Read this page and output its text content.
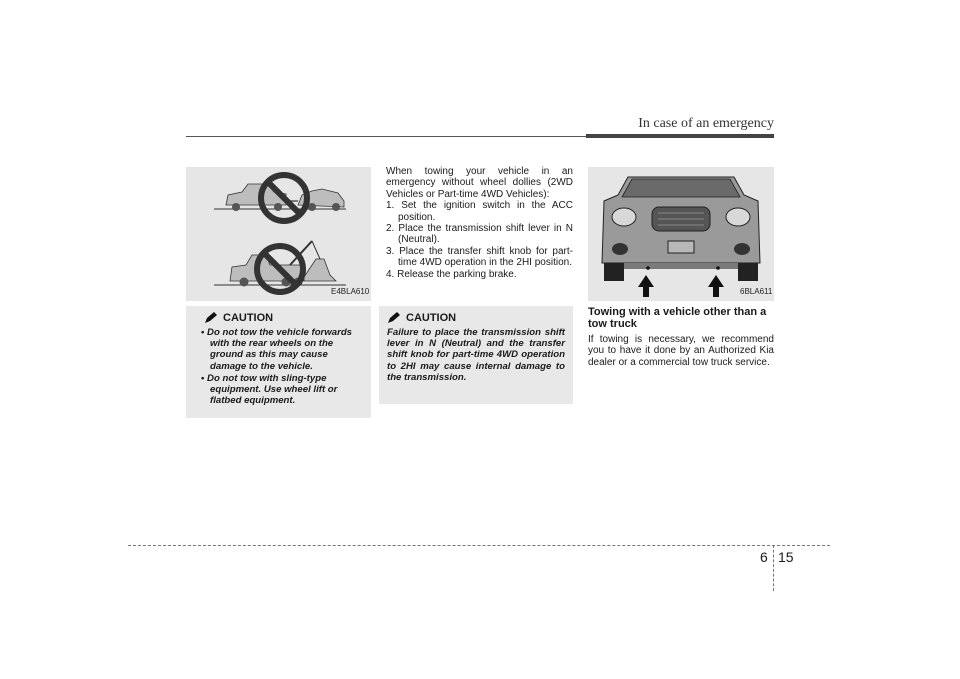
In case of an emergency
E4BLA610
CAUTION
• Do not tow the vehicle forwards with the rear wheels on the ground as this may cause damage to the vehicle.
• Do not tow with sling-type equipment. Use wheel lift or flatbed equipment.
When towing your vehicle in an emergency without wheel dollies (2WD Vehicles or Part-time 4WD Vehicles):
1. Set the ignition switch in the ACC position.
2. Place the transmission shift lever in N (Neutral).
3. Place the transfer shift knob for part-time 4WD operation in the 2HI position.
4. Release the parking brake.
CAUTION
Failure to place the transmission shift lever in N (Neutral) and the transfer shift knob for part-time 4WD operation to 2HI may cause internal damage to the transmission.
6BLA611
Towing with a vehicle other than a tow truck
If towing is necessary, we recommend you to have it done by an Authorized Kia dealer or a commercial tow truck service.
6 15
